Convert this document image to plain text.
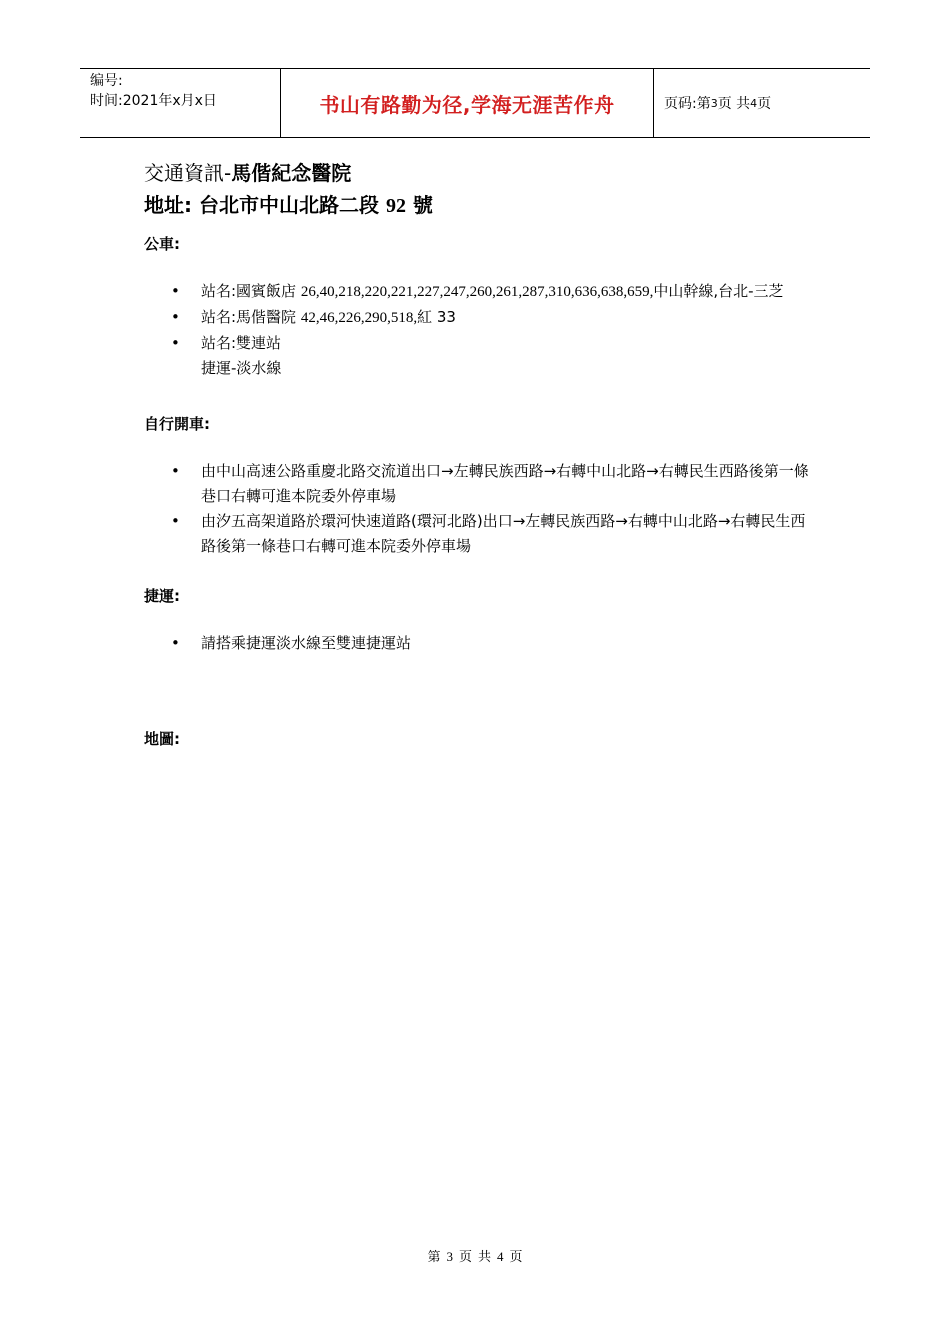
编号:
时间:2021年x月x日	书山有路勤为径,学海无涯苦作舟	页码:第 3 页 共 4 页

交通資訊-馬偕紀念醫院

地址: 台北市中山北路二段 92 號

公車:

• 站名:國賓飯店 26,40,218,220,221,227,247,260,261,287,310,636,638,659,中山幹線,台北-三芝
• 站名:馬偕醫院 42,46,226,290,518,紅 33
• 站名:雙連站
捷運-淡水線

自行開車:

• 由中山高速公路重慶北路交流道出口→左轉民族西路→右轉中山北路→右轉民生西路後第一條巷口右轉可進本院委外停車場
• 由汐五高架道路於環河快速道路(環河北路)出口→左轉民族西路→右轉中山北路→右轉民生西路後第一條巷口右轉可進本院委外停車場

捷運:

• 請搭乘捷運淡水線至雙連捷運站

地圖:

第 3 页 共 4 页
